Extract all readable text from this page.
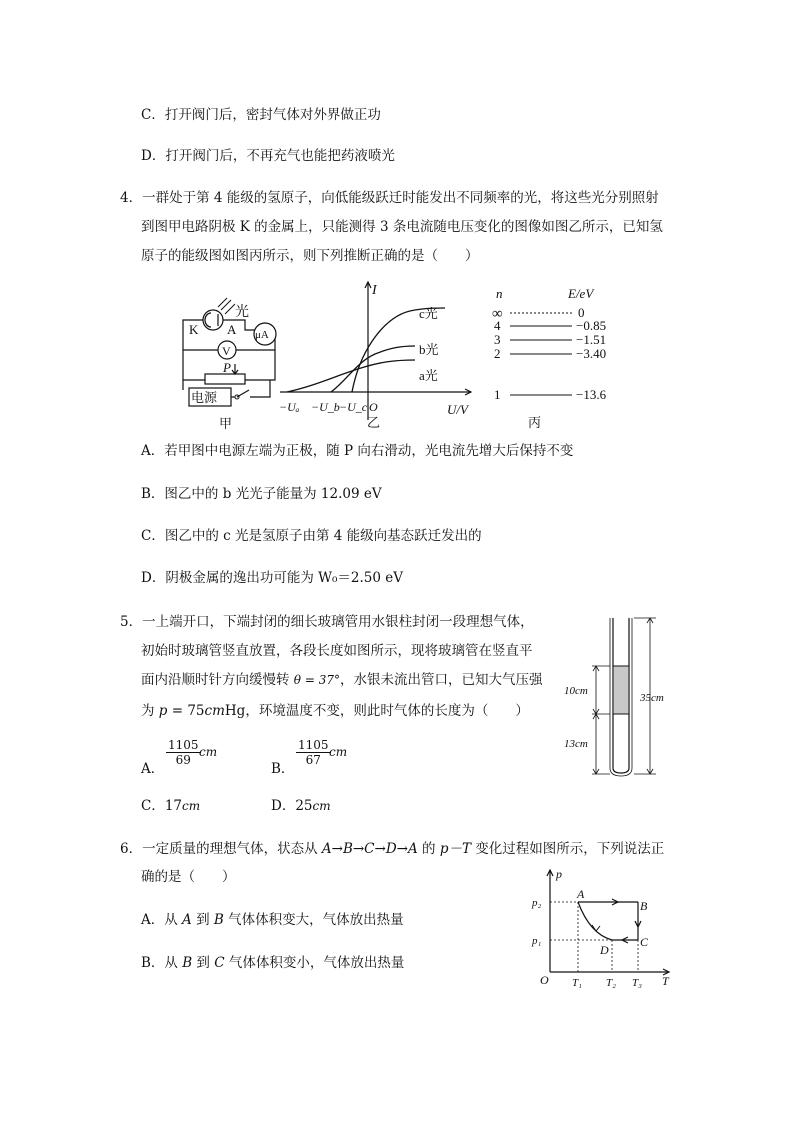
C．打开阀门后，密封气体对外界做正功
D．打开阀门后，不再充气也能把药液喷光
4．一群处于第 4 能级的氢原子，向低能级跃迁时能发出不同频率的光，将这些光分别照射
到图甲电路阴极 K 的金属上，只能测得 3 条电流随电压变化的图像如图乙所示，已知氢
原子的能级图如图丙所示，则下列推断正确的是（　　）
光
K A μA
V
P
电源
甲
I
U/V
c光
b光
a光
−Uₐ −U_b −U_c O
乙
n	E/eV
∞	0
4	−0.85
3	−1.51
2	−3.40
1	−13.6
丙
A．若甲图中电源左端为正极，随 P 向右滑动，光电流先增大后保持不变
B．图乙中的 b 光光子能量为 12.09 eV
C．图乙中的 c 光是氢原子由第 4 能级向基态跃迁发出的
D．阴极金属的逸出功可能为 W₀＝2.50 eV
5．一上端开口，下端封闭的细长玻璃管用水银柱封闭一段理想气体，
初始时玻璃管竖直放置，各段长度如图所示，现将玻璃管在竖直平
面内沿顺时针方向缓慢转 θ = 37°，水银未流出管口，已知大气压强
为 p = 75cmHg，环境温度不变，则此时气体的长度为（　　）
10cm
13cm
35cm
A．
$\frac{1105}{69}$
cm
B．
$\frac{1105}{67}$
cm
C．17cm	D．25cm
6．一定质量的理想气体，状态从 A→B→C→D→A 的 p－T 变化过程如图所示，下列说法正
确的是（　　）
A．从 A 到 B 气体体积变大，气体放出热量
B．从 B 到 C 气体体积变小，气体放出热量
p
T
O
p₂
p₁
T₁ T₂ T₃
A
B
C
D
